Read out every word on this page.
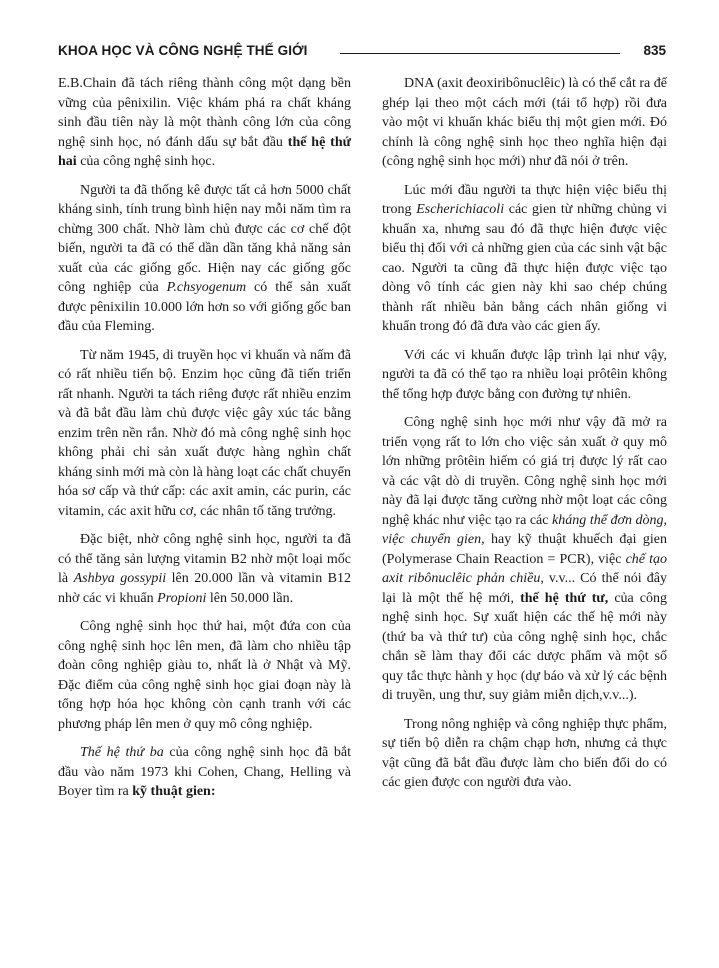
KHOA HỌC VÀ CÔNG NGHỆ THẾ GIỚI	835

E.B.Chain đã tách riêng thành công một dạng bền vững của pênixilin. Việc khám phá ra chất kháng sinh đầu tiên này là một thành công lớn của công nghệ sinh học, nó đánh dấu sự bắt đầu thế hệ thứ hai của công nghệ sinh học.

Người ta đã thống kê được tất cả hơn 5000 chất kháng sinh, tính trung bình hiện nay mỗi năm tìm ra chừng 300 chất. Nhờ làm chủ được các cơ chế đột biến, người ta đã có thể dần dần tăng khả năng sản xuất của các giống gốc. Hiện nay các giống gốc công nghiệp của P.chsyogenum có thể sản xuất được pênixilin 10.000 lớn hơn so với giống gốc ban đầu của Fleming.

Từ năm 1945, di truyền học vi khuẩn và nấm đã có rất nhiều tiến bộ. Enzim học cũng đã tiến triển rất nhanh. Người ta tách riêng được rất nhiều enzim và đã bắt đầu làm chủ được việc gây xúc tác bằng enzim trên nền rắn. Nhờ đó mà công nghệ sinh học không phải chỉ sản xuất được hàng nghìn chất kháng sinh mới mà còn là hàng loạt các chất chuyển hóa sơ cấp và thứ cấp: các axit amin, các purin, các vitamin, các axit hữu cơ, các nhân tố tăng trưởng.

Đặc biệt, nhờ công nghệ sinh học, người ta đã có thể tăng sản lượng vitamin B2 nhờ một loại mốc là Ashbya gossypii lên 20.000 lần và vitamin B12 nhờ các vi khuẩn Propioni lên 50.000 lần.

Công nghệ sinh học thứ hai, một đứa con của công nghệ sinh học lên men, đã làm cho nhiều tập đoàn công nghiệp giàu to, nhất là ở Nhật và Mỹ. Đặc điểm của công nghệ sinh học giai đoạn này là tổng hợp hóa học không còn cạnh tranh với các phương pháp lên men ở quy mô công nghiệp.

Thế hệ thứ ba của công nghệ sinh học đã bắt đầu vào năm 1973 khi Cohen, Chang, Helling và Boyer tìm ra kỹ thuật gien:

DNA (axit đeoxiribônuclêic) là có thể cắt ra để ghép lại theo một cách mới (tái tổ hợp) rồi đưa vào một vi khuẩn khác biểu thị một gien mới. Đó chính là công nghệ sinh học theo nghĩa hiện đại (công nghệ sinh học mới) như đã nói ở trên.

Lúc mới đầu người ta thực hiện việc biểu thị trong Escherichiacoli các gien từ những chủng vi khuẩn xa, nhưng sau đó đã thực hiện được việc biểu thị đối với cả những gien của các sinh vật bậc cao. Người ta cũng đã thực hiện được việc tạo dòng vô tính các gien này khi sao chép chúng thành rất nhiều bản bằng cách nhân giống vi khuẩn trong đó đã đưa vào các gien ấy.

Với các vi khuẩn được lập trình lại như vậy, người ta đã có thể tạo ra nhiều loại prôtêin không thể tổng hợp được bằng con đường tự nhiên.

Công nghệ sinh học mới như vậy đã mở ra triển vọng rất to lớn cho việc sản xuất ở quy mô lớn những prôtêin hiếm có giá trị được lý rất cao và các vật dò di truyền. Công nghệ sinh học mới này đã lại được tăng cường nhờ một loạt các công nghệ khác như việc tạo ra các kháng thể đơn dòng, việc chuyển gien, hay kỹ thuật khuếch đại gien (Polymerase Chain Reaction = PCR), việc chế tạo axit ribônuclêic phản chiều, v.v... Có thể nói đây lại là một thế hệ mới, thế hệ thứ tư, của công nghệ sinh học. Sự xuất hiện các thế hệ mới này (thứ ba và thứ tư) của công nghệ sinh học, chắc chắn sẽ làm thay đổi các dược phẩm và một số quy tắc thực hành y học (dự báo và xử lý các bệnh di truyền, ung thư, suy giảm miễn dịch,v.v...).

Trong nông nghiệp và công nghiệp thực phẩm, sự tiến bộ diễn ra chậm chạp hơn, nhưng cả thực vật cũng đã bắt đầu được làm cho biến đổi do có các gien được con người đưa vào.
